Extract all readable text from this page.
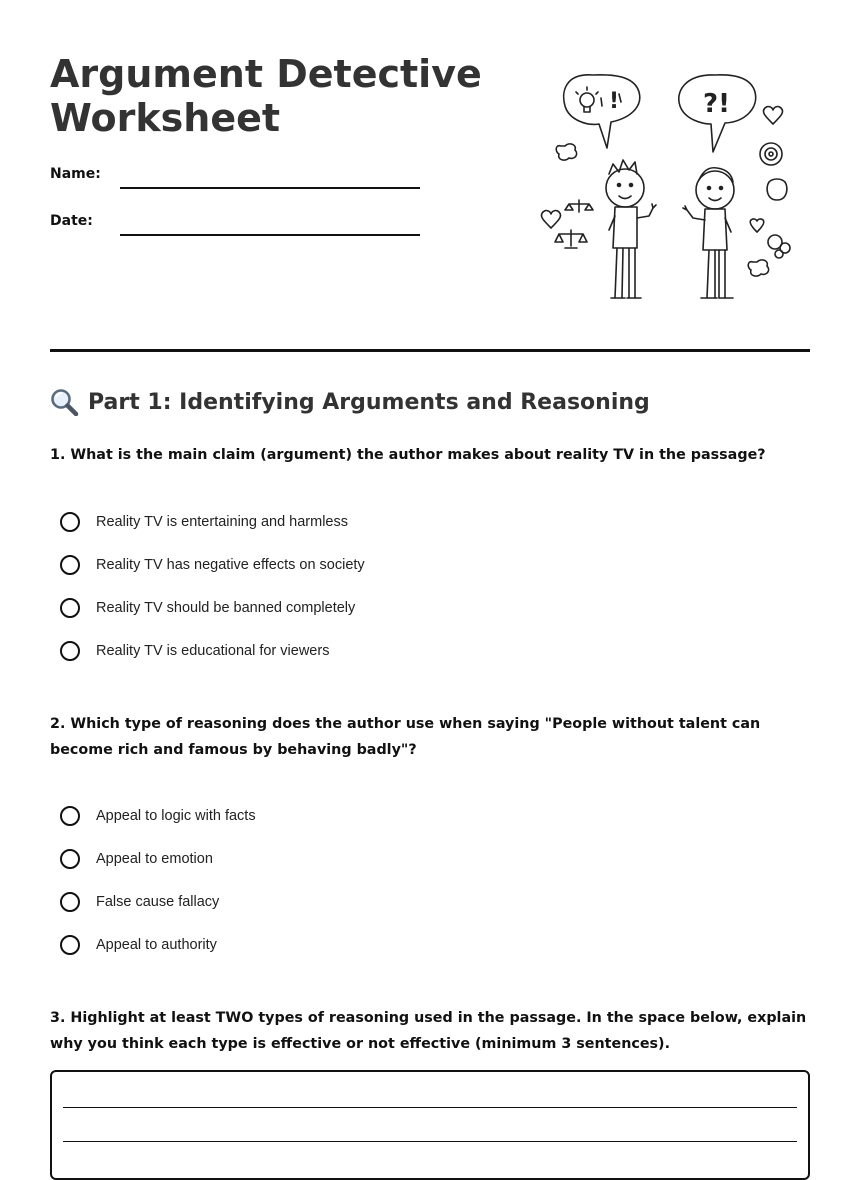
Argument Detective Worksheet
Name:
Date:
!	?!
Part 1: Identifying Arguments and Reasoning

1. What is the main claim (argument) the author makes about reality TV in the passage?

Reality TV is entertaining and harmless
Reality TV has negative effects on society
Reality TV should be banned completely
Reality TV is educational for viewers

2. Which type of reasoning does the author use when saying "People without talent can become rich and famous by behaving badly"?

Appeal to logic with facts
Appeal to emotion
False cause fallacy
Appeal to authority

3. Highlight at least TWO types of reasoning used in the passage. In the space below, explain why you think each type is effective or not effective (minimum 3 sentences).
